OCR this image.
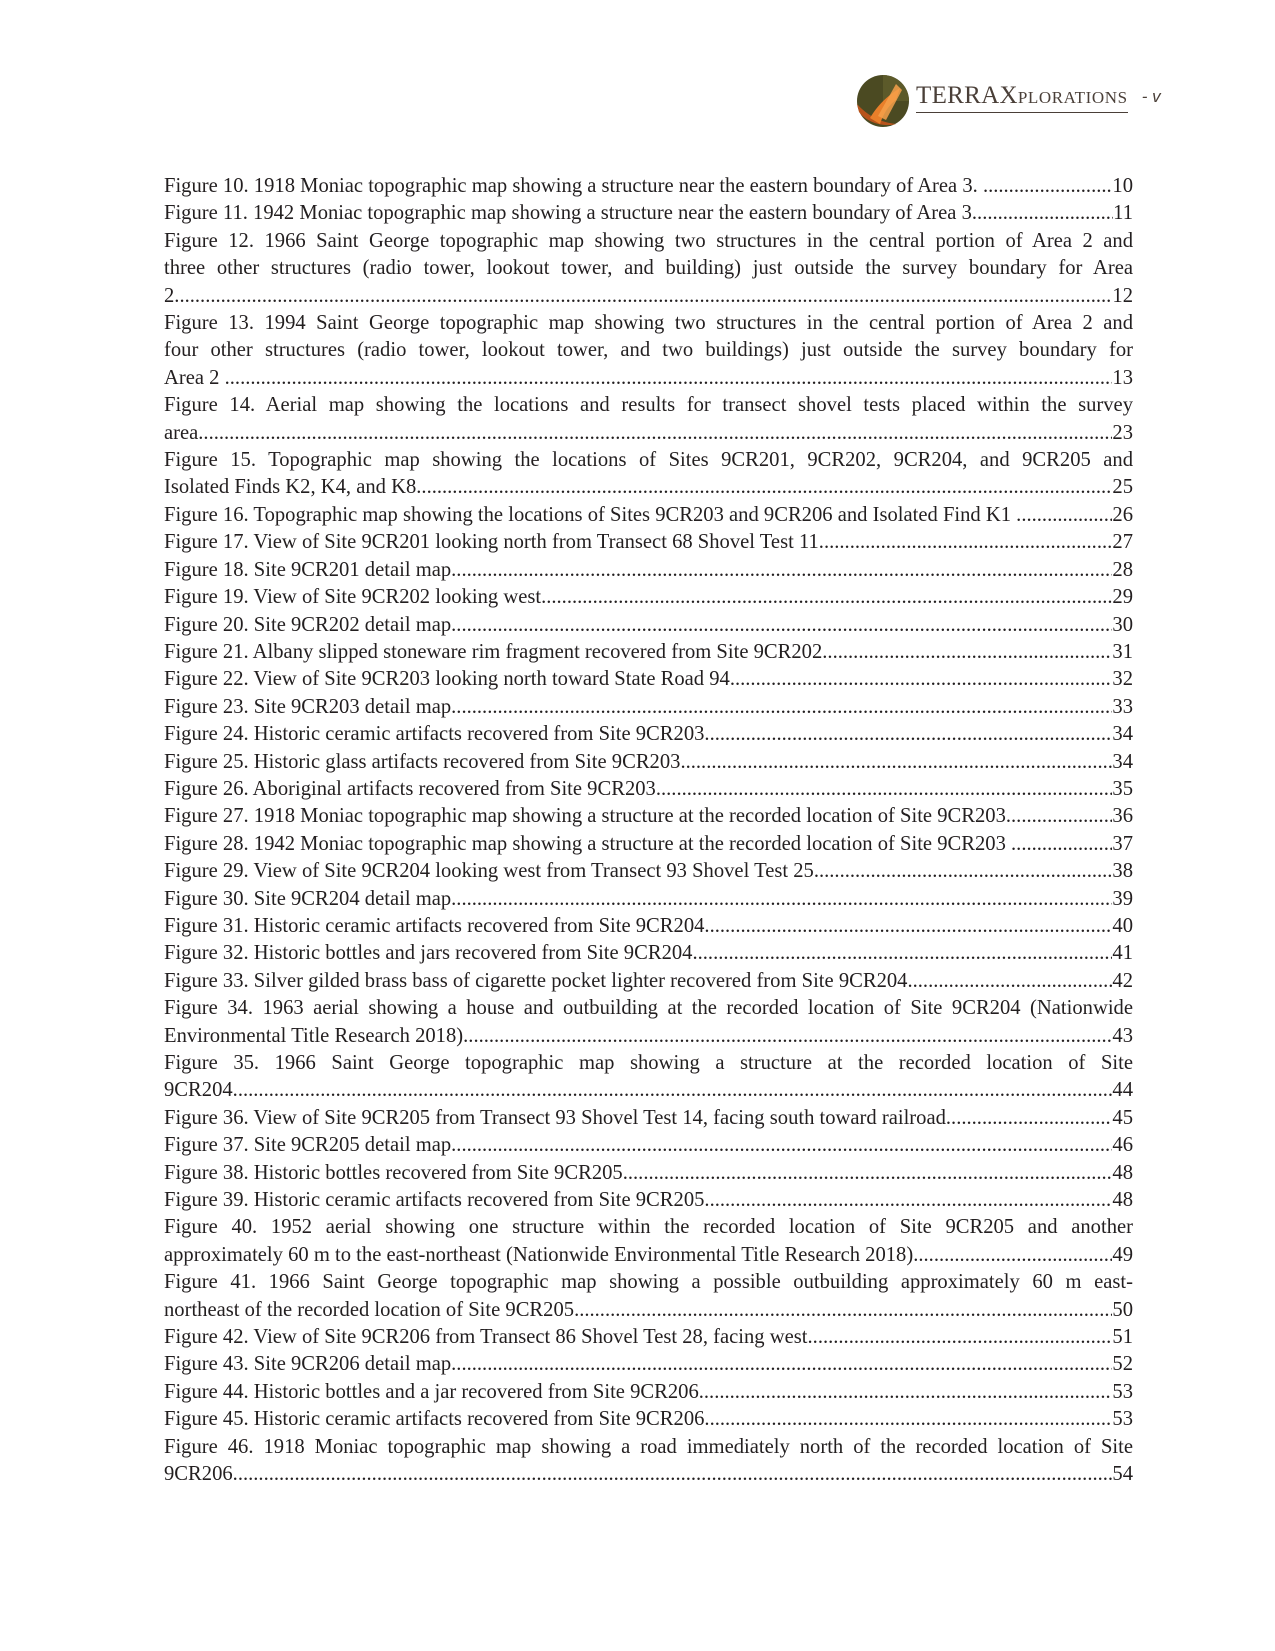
TERRAXPLORATIONS - v
Figure 10. 1918 Moniac topographic map showing a structure near the eastern boundary of Area 3. ....... .....	10
Figure 11. 1942 Moniac topographic map showing a structure near the eastern boundary of Area 3 .....	11
Figure 12. 1966 Saint George topographic map showing two structures in the central portion of Area 2 and
three other structures (radio tower, lookout tower, and building) just outside the survey boundary for Area
2 .....	12
Figure 13. 1994 Saint George topographic map showing two structures in the central portion of Area 2 and
four other structures (radio tower, lookout tower, and two buildings) just outside the survey boundary for
Area 2 . .....	13
Figure 14. Aerial map showing the locations and results for transect shovel tests placed within the survey
area .....	23
Figure 15. Topographic map showing the locations of Sites 9CR201, 9CR202, 9CR204, and 9CR205 and
Isolated Finds K2, K4, and K8 .....	25
Figure 16. Topographic map showing the locations of Sites 9CR203 and 9CR206 and Isolated Find K1 . .....	26
Figure 17. View of Site 9CR201 looking north from Transect 68 Shovel Test 11 .....	27
Figure 18. Site 9CR201 detail map .....	28
Figure 19. View of Site 9CR202 looking west.. .....	29
Figure 20. Site 9CR202 detail map .....	30
Figure 21. Albany slipped stoneware rim fragment recovered from Site 9CR202 .....	31
Figure 22. View of Site 9CR203 looking north toward State Road 94 .....	32
Figure 23. Site 9CR203 detail map .....	33
Figure 24. Historic ceramic artifacts recovered from Site 9CR203 .....	34
Figure 25. Historic glass artifacts recovered from Site 9CR203 .....	34
Figure 26. Aboriginal artifacts recovered from Site 9CR203 .....	35
Figure 27. 1918 Moniac topographic map showing a structure at the recorded location of Site 9CR203. .....	36
Figure 28. 1942 Moniac topographic map showing a structure at the recorded location of Site 9CR203 . .....	37
Figure 29. View of Site 9CR204 looking west from Transect 93 Shovel Test 25 .....	38
Figure 30. Site 9CR204 detail map .....	39
Figure 31. Historic ceramic artifacts recovered from Site 9CR204 .....	40
Figure 32. Historic bottles and jars recovered from Site 9CR204 .....	41
Figure 33. Silver gilded brass bass of cigarette pocket lighter recovered from Site 9CR204 .....	42
Figure 34. 1963 aerial showing a house and outbuilding at the recorded location of Site 9CR204 (Nationwide
Environmental Title Research 2018) .....	43
Figure 35. 1966 Saint George topographic map showing a structure at the recorded location of Site
9CR204 .....	44
Figure 36. View of Site 9CR205 from Transect 93 Shovel Test 14, facing south toward railroad .....	45
Figure 37. Site 9CR205 detail map .....	46
Figure 38. Historic bottles recovered from Site 9CR205 .....	48
Figure 39. Historic ceramic artifacts recovered from Site 9CR205 .....	48
Figure 40. 1952 aerial showing one structure within the recorded location of Site 9CR205 and another
approximately 60 m to the east-northeast (Nationwide Environmental Title Research 2018) .....	49
Figure 41. 1966 Saint George topographic map showing a possible outbuilding approximately 60 m east-
northeast of the recorded location of Site 9CR205 .....	50
Figure 42. View of Site 9CR206 from Transect 86 Shovel Test 28, facing west .....	51
Figure 43. Site 9CR206 detail map .....	52
Figure 44. Historic bottles and a jar recovered from Site 9CR206 .....	53
Figure 45. Historic ceramic artifacts recovered from Site 9CR206 .....	53
Figure 46. 1918 Moniac topographic map showing a road immediately north of the recorded location of Site
9CR206 .....	54
